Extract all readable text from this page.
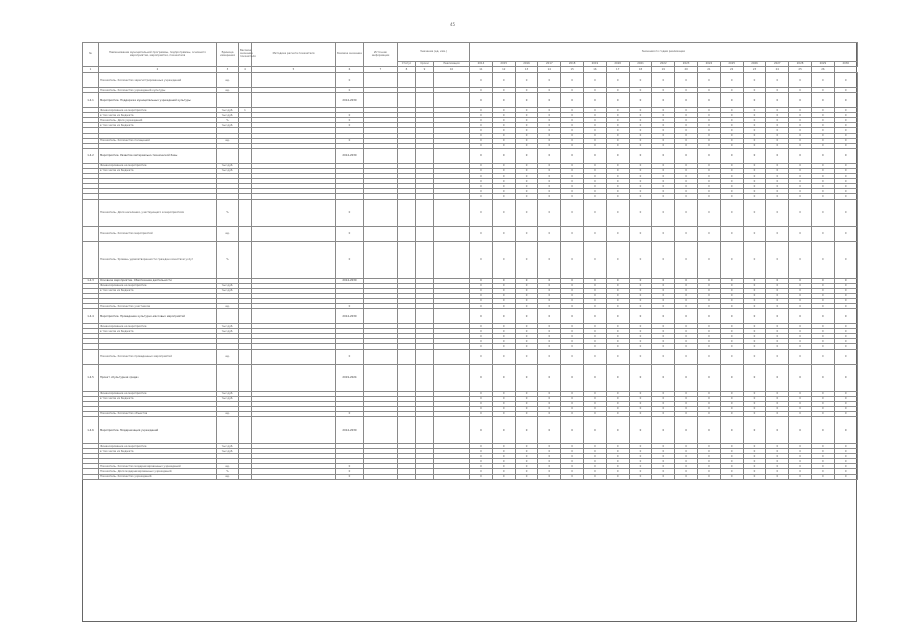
45
№	Наименование муниципальной программы, подпрограммы, основного мероприятия, мероприятия, показателя	Единица измерения	Весовое значение показателя	Методика расчета показателя	Базовое значение	Источник информации	Значение (ед. изм.)			Значения по годам реализации																
							Статус	Сроки	Реализация	2014	2015	2016	2017	2018	2019	2020	2021	2022	2023	2024	2025	2026	2027	2028	2029	2030
1	2	3	4	5	6	7	8	9	10	11	12	13	14	15	16	17	18	19	20	21	22	23	24	25	26	
	Показатель. Количество зарегистрированных учреждений	ед.			0					0	0	0	0	0	0	0	0	0	0	0	0	0	0	0	0	0
	Показатель. Количество учреждений культуры	ед.			0					0	0	0	0	0	0	0	0	0	0	0	0	0	0	0	0	0
1.4.1	Мероприятие. Поддержка муниципальных учреждений культуры				2014-2030					0	0	0	0	0	0	0	0	0	0	0	0	0	0	0	0	0
	Финансирование на мероприятие	тыс.руб.	1							0	0	0	0	0	0	0	0	0	0	0	0	0	0	0	0	0
	в том числе из бюджета	тыс.руб.			0					0	0	0	0	0	0	0	0	0	0	0	0	0	0	0	0	0
	Показатель. Доля учреждений	%			0					0	0	0	0	0	0	0	0	0	0	0	0	0	0	0	0	0
	в том числе из бюджета	тыс.руб.			0					0	0	0	0	0	0	0	0	0	0	0	0	0	0	0	0	0
										0	0	0	0	0	0	0	0	0	0	0	0	0	0	0	0	0
										0	0	0	0	0	0	0	0	0	0	0	0	0	0	0	0	0
	Показатель. Количество посещений	ед.			0					0	0	0	0	0	0	0	0	0	0	0	0	0	0	0	0	0
										0	0	0	0	0	0	0	0	0	0	0	0	0	0	0	0	0
1.4.2	Мероприятие. Развитие материально-технической базы				2014-2030					0	0	0	0	0	0	0	0	0	0	0	0	0	0	0	0	0
	Финансирование на мероприятие	тыс.руб.								0	0	0	0	0	0	0	0	0	0	0	0	0	0	0	0	0
	в том числе из бюджета	тыс.руб.								0	0	0	0	0	0	0	0	0	0	0	0	0	0	0	0	0
										0	0	0	0	0	0	0	0	0	0	0	0	0	0	0	0	0
										0	0	0	0	0	0	0	0	0	0	0	0	0	0	0	0	0
										0	0	0	0	0	0	0	0	0	0	0	0	0	0	0	0	0
										0	0	0	0	0	0	0	0	0	0	0	0	0	0	0	0	0
										0	0	0	0	0	0	0	0	0	0	0	0	0	0	0	0	0
	Показатель. Доля населения, участвующего в мероприятиях	%			0					0	0	0	0	0	0	0	0	0	0	0	0	0	0	0	0	0
	Показатель. Количество мероприятий	ед.			0					0	0	0	0	0	0	0	0	0	0	0	0	0	0	0	0	0
	Показатель. Уровень удовлетворенности граждан качеством услуг	%			0					0	0	0	0	0	0	0	0	0	0	0	0	0	0	0	0	0
1.4.3	Основное мероприятие. Обеспечение деятельности				2014-2030					0	0	0	0	0	0	0	0	0	0	0	0	0	0	0	0	0
	Финансирование на мероприятие	тыс.руб.								0	0	0	0	0	0	0	0	0	0	0	0	0	0	0	0	0
	в том числе из бюджета	тыс.руб.								0	0	0	0	0	0	0	0	0	0	0	0	0	0	0	0	0
										0	0	0	0	0	0	0	0	0	0	0	0	0	0	0	0	0
										0	0	0	0	0	0	0	0	0	0	0	0	0	0	0	0	0
	Показатель. Количество участников	ед.			0					0	0	0	0	0	0	0	0	0	0	0	0	0	0	0	0	0
1.4.4	Мероприятие. Проведение культурно-массовых мероприятий				2014-2030					0	0	0	0	0	0	0	0	0	0	0	0	0	0	0	0	0
	Финансирование на мероприятие	тыс.руб.								0	0	0	0	0	0	0	0	0	0	0	0	0	0	0	0	0
	в том числе из бюджета	тыс.руб.								0	0	0	0	0	0	0	0	0	0	0	0	0	0	0	0	0
										0	0	0	0	0	0	0	0	0	0	0	0	0	0	0	0	0
										0	0	0	0	0	0	0	0	0	0	0	0	0	0	0	0	0
										0	0	0	0	0	0	0	0	0	0	0	0	0	0	0	0	0
	Показатель. Количество проведенных мероприятий	ед.			0					0	0	0	0	0	0	0	0	0	0	0	0	0	0	0	0	0
1.4.5	Проект «Культурная среда»				2019-2024					0	0	0	0	0	0	0	0	0	0	0	0	0	0	0	0	0
	Финансирование на мероприятие	тыс.руб.								0	0	0	0	0	0	0	0	0	0	0	0	0	0	0	0	0
	в том числе из бюджета	тыс.руб.								0	0	0	0	0	0	0	0	0	0	0	0	0	0	0	0	0
										0	0	0	0	0	0	0	0	0	0	0	0	0	0	0	0	0
										0	0	0	0	0	0	0	0	0	0	0	0	0	0	0	0	0
	Показатель. Количество объектов	ед.			0					0	0	0	0	0	0	0	0	0	0	0	0	0	0	0	0	0
1.4.6	Мероприятие. Модернизация учреждений				2014-2030					0	0	0	0	0	0	0	0	0	0	0	0	0	0	0	0	0
	Финансирование на мероприятие	тыс.руб.								0	0	0	0	0	0	0	0	0	0	0	0	0	0	0	0	0
	в том числе из бюджета	тыс.руб.								0	0	0	0	0	0	0	0	0	0	0	0	0	0	0	0	0
										0	0	0	0	0	0	0	0	0	0	0	0	0	0	0	0	0
										0	0	0	0	0	0	0	0	0	0	0	0	0	0	0	0	0
	Показатель. Количество модернизированных учреждений	ед.			0					0	0	0	0	0	0	0	0	0	0	0	0	0	0	0	0	0
	Показатель. Доля модернизированных учреждений	%			0					0	0	0	0	0	0	0	0	0	0	0	0	0	0	0	0	0
	Показатель. Количество учреждений	ед.			0					0	0	0	0	0	0	0	0	0	0	0	0	0	0	0	0	0
